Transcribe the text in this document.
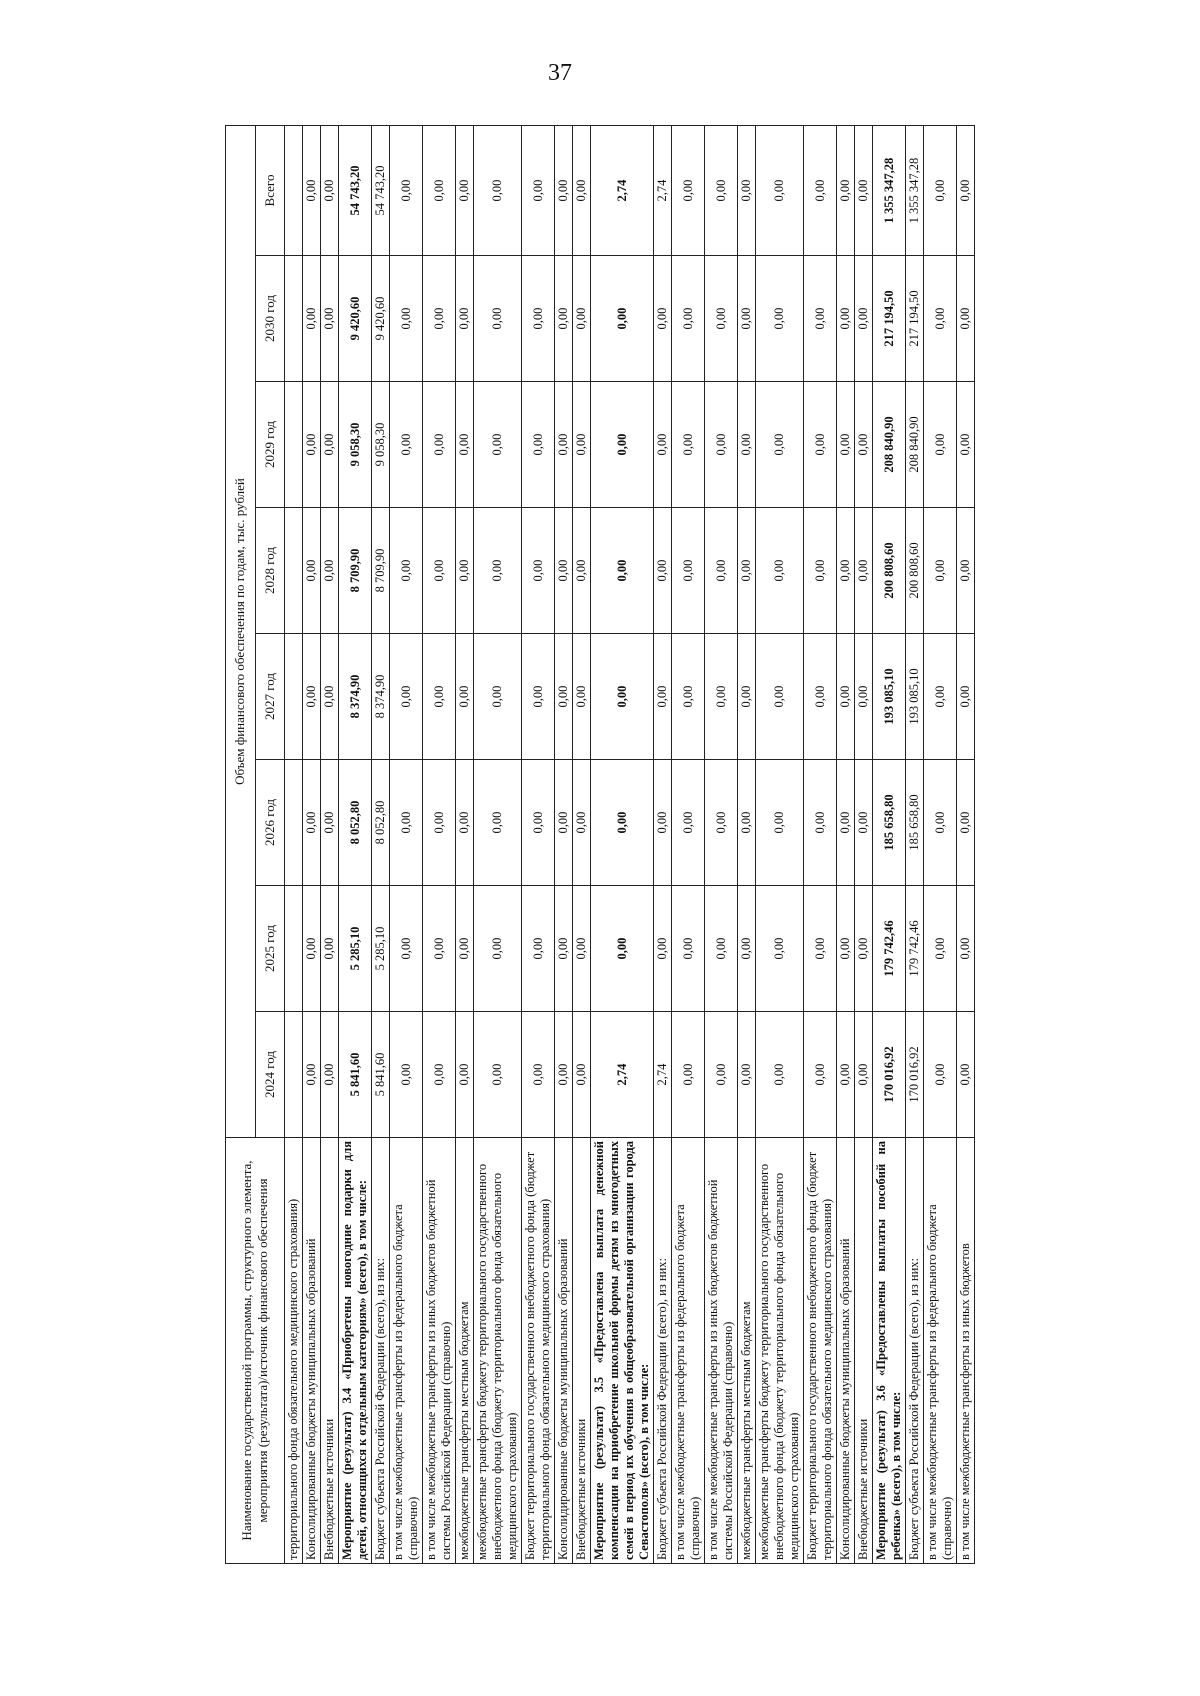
37
Наименование государственной программы, структурного элемента, мероприятия (результата)/источник финансового обеспечения	Объем финансового обеспечения по годам, тыс. рублей							
	2024 год	2025 год	2026 год	2027 год	2028 год	2029 год	2030 год	Всего
территориального фонда обязательного медицинского страхования)								
Консолидированные бюджеты муниципальных образований	0,00	0,00	0,00	0,00	0,00	0,00	0,00	0,00
Внебюджетные источники	0,00	0,00	0,00	0,00	0,00	0,00	0,00	0,00
Мероприятие (результат) 3.4 «Приобретены новогодние подарки для детей, относящихся к отдельным категориям» (всего), в том числе:	5 841,60	5 285,10	8 052,80	8 374,90	8 709,90	9 058,30	9 420,60	54 743,20
Бюджет субъекта Российской Федерации (всего), из них:	5 841,60	5 285,10	8 052,80	8 374,90	8 709,90	9 058,30	9 420,60	54 743,20
в том числе межбюджетные трансферты из федерального бюджета (справочно)	0,00	0,00	0,00	0,00	0,00	0,00	0,00	0,00
в том числе межбюджетные трансферты из иных бюджетов бюджетной системы Российской Федерации (справочно)	0,00	0,00	0,00	0,00	0,00	0,00	0,00	0,00
межбюджетные трансферты местным бюджетам	0,00	0,00	0,00	0,00	0,00	0,00	0,00	0,00
межбюджетные трансферты бюджету территориального государственного внебюджетного фонда (бюджету территориального фонда обязательного медицинского страхования)	0,00	0,00	0,00	0,00	0,00	0,00	0,00	0,00
Бюджет территориального государственного внебюджетного фонда (бюджет территориального фонда обязательного медицинского страхования)	0,00	0,00	0,00	0,00	0,00	0,00	0,00	0,00
Консолидированные бюджеты муниципальных образований	0,00	0,00	0,00	0,00	0,00	0,00	0,00	0,00
Внебюджетные источники	0,00	0,00	0,00	0,00	0,00	0,00	0,00	0,00
Мероприятие (результат) 3.5 «Предоставлена выплата денежной компенсации на приобретение школьной формы детям из многодетных семей в период их обучения в общеобразовательной организации города Севастополя» (всего), в том числе:	2,74	0,00	0,00	0,00	0,00	0,00	0,00	2,74
Бюджет субъекта Российской Федерации (всего), из них:	2,74	0,00	0,00	0,00	0,00	0,00	0,00	2,74
в том числе межбюджетные трансферты из федерального бюджета (справочно)	0,00	0,00	0,00	0,00	0,00	0,00	0,00	0,00
в том числе межбюджетные трансферты из иных бюджетов бюджетной системы Российской Федерации (справочно)	0,00	0,00	0,00	0,00	0,00	0,00	0,00	0,00
межбюджетные трансферты местным бюджетам	0,00	0,00	0,00	0,00	0,00	0,00	0,00	0,00
межбюджетные трансферты бюджету территориального государственного внебюджетного фонда (бюджету территориального фонда обязательного медицинского страхования)	0,00	0,00	0,00	0,00	0,00	0,00	0,00	0,00
Бюджет территориального государственного внебюджетного фонда (бюджет территориального фонда обязательного медицинского страхования)	0,00	0,00	0,00	0,00	0,00	0,00	0,00	0,00
Консолидированные бюджеты муниципальных образований	0,00	0,00	0,00	0,00	0,00	0,00	0,00	0,00
Внебюджетные источники	0,00	0,00	0,00	0,00	0,00	0,00	0,00	0,00
Мероприятие (результат) 3.6 «Предоставлены выплаты пособий на ребенка» (всего), в том числе:	170 016,92	179 742,46	185 658,80	193 085,10	200 808,60	208 840,90	217 194,50	1 355 347,28
Бюджет субъекта Российской Федерации (всего), из них:	170 016,92	179 742,46	185 658,80	193 085,10	200 808,60	208 840,90	217 194,50	1 355 347,28
в том числе межбюджетные трансферты из федерального бюджета (справочно)	0,00	0,00	0,00	0,00	0,00	0,00	0,00	0,00
в том числе межбюджетные трансферты из иных бюджетов	0,00	0,00	0,00	0,00	0,00	0,00	0,00	0,00
